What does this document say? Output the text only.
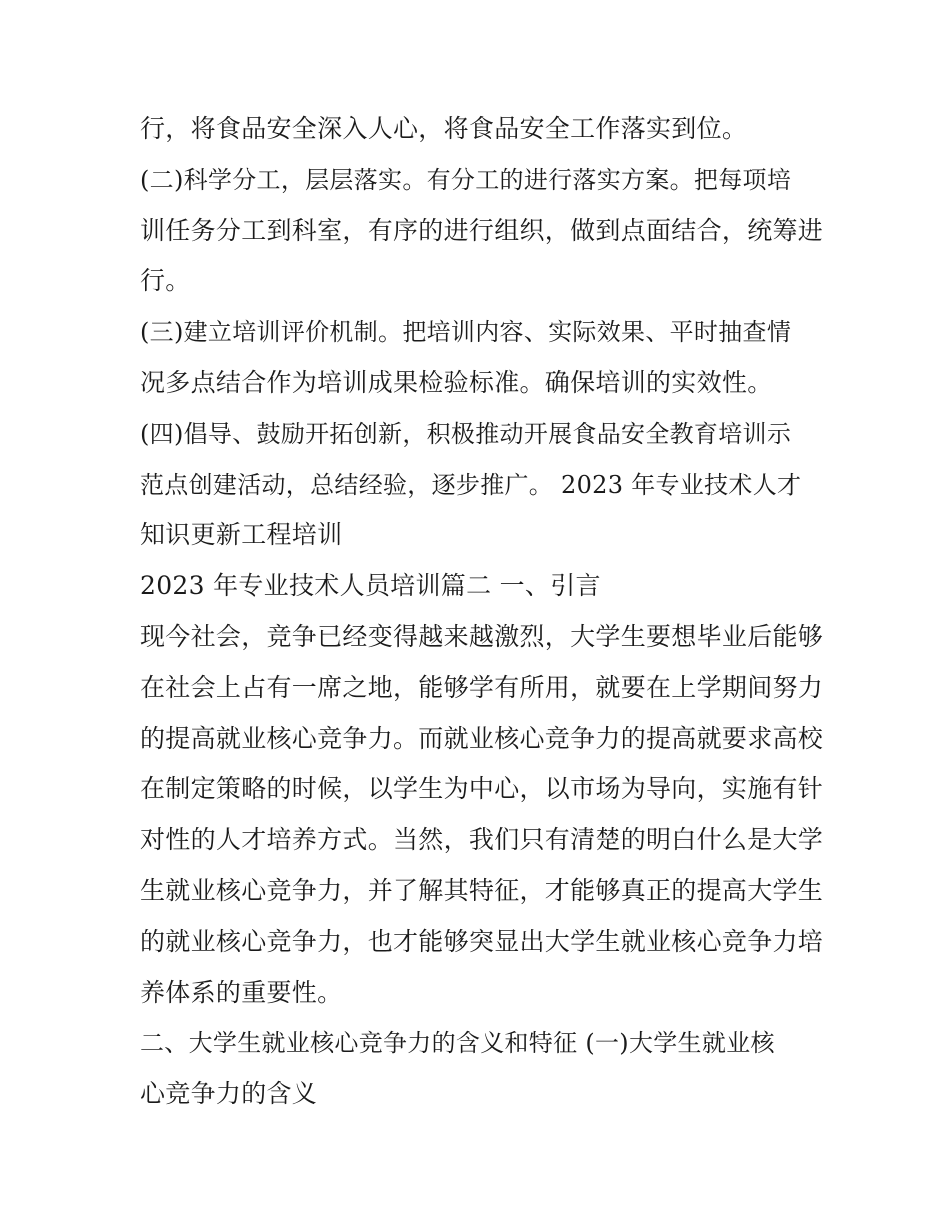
行，将食品安全深入人心，将食品安全工作落实到位。

(二)科学分工，层层落实。有分工的进行落实方案。把每项培

训任务分工到科室，有序的进行组织，做到点面结合，统筹进

行。

(三)建立培训评价机制。把培训内容、实际效果、平时抽查情

况多点结合作为培训成果检验标准。确保培训的实效性。

(四)倡导、鼓励开拓创新，积极推动开展食品安全教育培训示

范点创建活动，总结经验，逐步推广。 2023 年专业技术人才

知识更新工程培训

2023 年专业技术人员培训篇二 一、引言

现今社会，竞争已经变得越来越激烈，大学生要想毕业后能够

在社会上占有一席之地，能够学有所用，就要在上学期间努力

的提高就业核心竞争力。而就业核心竞争力的提高就要求高校

在制定策略的时候，以学生为中心，以市场为导向，实施有针

对性的人才培养方式。当然，我们只有清楚的明白什么是大学

生就业核心竞争力，并了解其特征，才能够真正的提高大学生

的就业核心竞争力，也才能够突显出大学生就业核心竞争力培

养体系的重要性。

二、大学生就业核心竞争力的含义和特征 (一)大学生就业核

心竞争力的含义
